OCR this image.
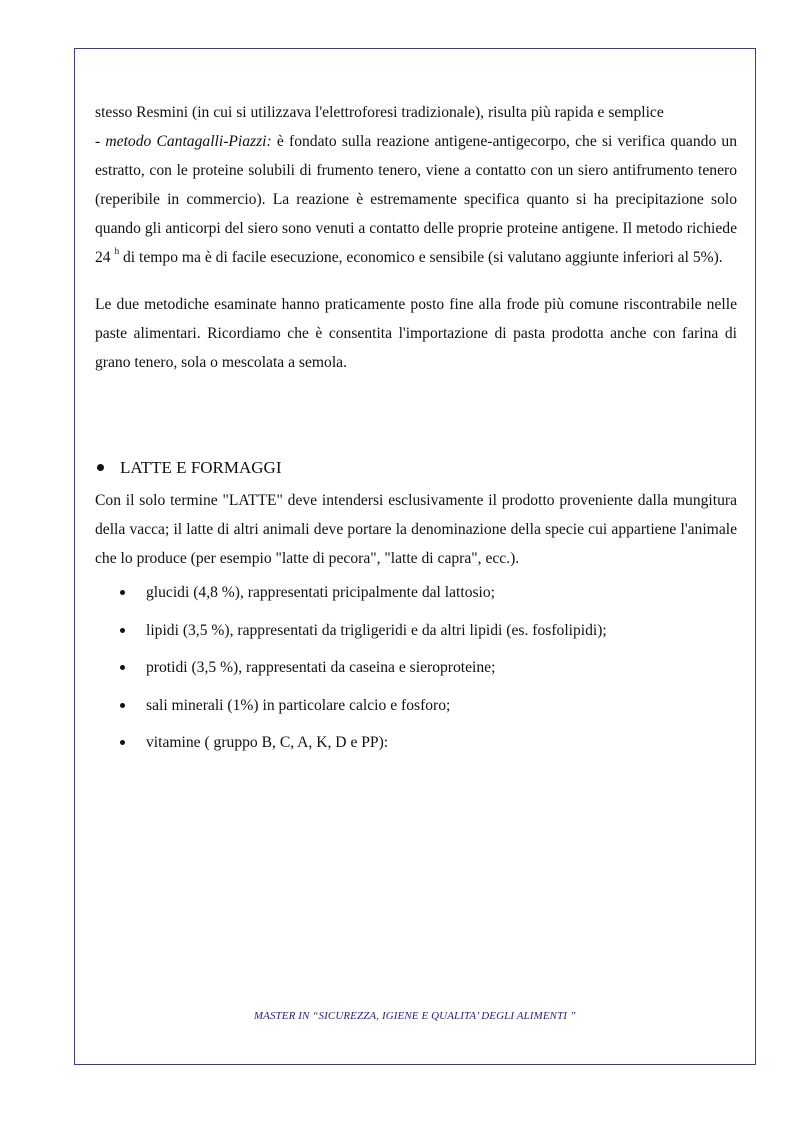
stesso Resmini (in cui si utilizzava l'elettroforesi tradizionale), risulta più rapida e semplice

- metodo Cantagalli-Piazzi: è fondato sulla reazione antigene-antigecorpo, che si verifica quando un estratto, con le proteine solubili di frumento tenero, viene a contatto con un siero antifrumento tenero (reperibile in commercio). La reazione è estremamente specifica quanto si ha precipitazione solo quando gli anticorpi del siero sono venuti a contatto delle proprie proteine antigene. Il metodo richiede 24 $^h$ di tempo ma è di facile esecuzione, economico e sensibile (si valutano aggiunte inferiori al 5%).

Le due metodiche esaminate hanno praticamente posto fine alla frode più comune riscontrabile nelle paste alimentari. Ricordiamo che è consentita l'importazione di pasta prodotta anche con farina di grano tenero, sola o mescolata a semola.

LATTE E FORMAGGI

Con il solo termine "LATTE" deve intendersi esclusivamente il prodotto proveniente dalla mungitura della vacca; il latte di altri animali deve portare la denominazione della specie cui appartiene l'animale che lo produce (per esempio "latte di pecora", "latte di capra", ecc.).

glucidi (4,8 %), rappresentati pricipalmente dal lattosio;
lipidi (3,5 %), rappresentati da trigligeridi e da altri lipidi (es. fosfolipidi);
protidi (3,5 %), rappresentati da caseina e sieroproteine;
sali minerali (1%) in particolare calcio e fosforo;
vitamine ( gruppo B, C, A, K, D e PP):
MASTER IN “SICUREZZA, IGIENE E QUALITA’ DEGLI ALIMENTI ”
